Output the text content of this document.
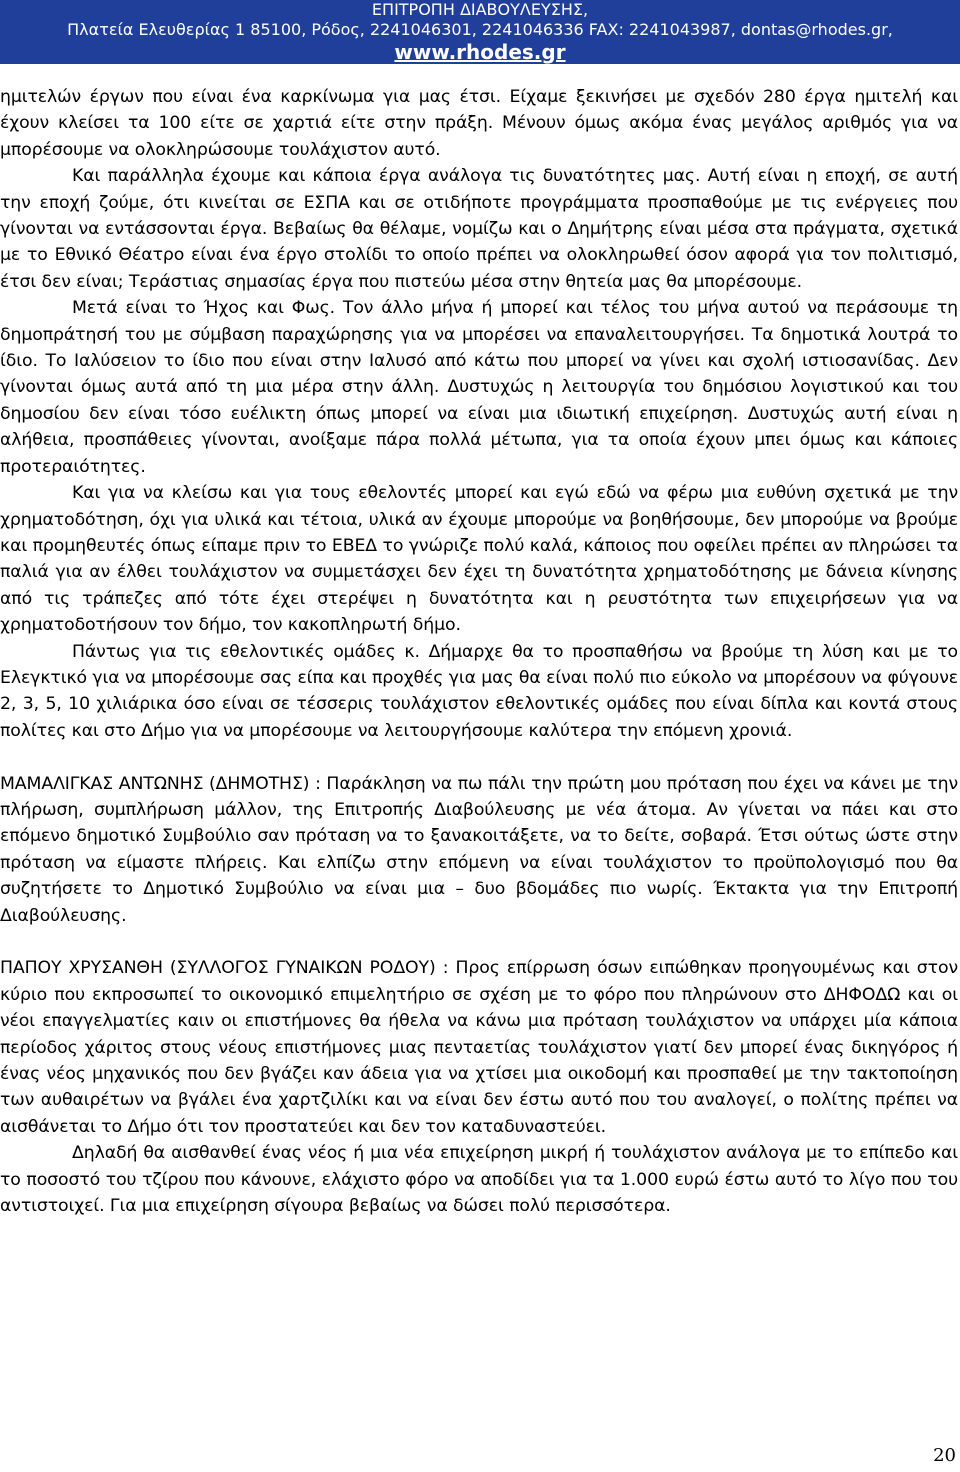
ΕΠΙΤΡΟΠΗ ΔΙΑΒΟΥΛΕΥΣΗΣ,
Πλατεία Ελευθερίας 1 85100, Ρόδος, 2241046301, 2241046336 FAX: 2241043987, dontas@rhodes.gr,
www.rhodes.gr

ημιτελών έργων που είναι ένα καρκίνωμα για μας έτσι. Είχαμε ξεκινήσει με σχεδόν 280 έργα ημιτελή και έχουν κλείσει τα 100 είτε σε χαρτιά είτε στην πράξη. Μένουν όμως ακόμα ένας μεγάλος αριθμός για να μπορέσουμε να ολοκληρώσουμε τουλάχιστον αυτό.

Και παράλληλα έχουμε και κάποια έργα ανάλογα τις δυνατότητες μας. Αυτή είναι η εποχή, σε αυτή την εποχή ζούμε, ότι κινείται σε ΕΣΠΑ και σε οτιδήποτε προγράμματα προσπαθούμε με τις ενέργειες που γίνονται να εντάσσονται έργα. Βεβαίως θα θέλαμε, νομίζω και ο Δημήτρης είναι μέσα στα πράγματα, σχετικά με το Εθνικό Θέατρο είναι ένα έργο στολίδι το οποίο πρέπει να ολοκληρωθεί όσον αφορά για τον πολιτισμό, έτσι δεν είναι; Τεράστιας σημασίας έργα που πιστεύω μέσα στην θητεία μας θα μπορέσουμε.

Μετά είναι το Ήχος και Φως. Τον άλλο μήνα ή μπορεί και τέλος του μήνα αυτού να περάσουμε τη δημοπράτησή του με σύμβαση παραχώρησης για να μπορέσει να επαναλειτουργήσει. Τα δημοτικά λουτρά το ίδιο. Το Ιαλύσειον το ίδιο που είναι στην Ιαλυσό από κάτω που μπορεί να γίνει και σχολή ιστιοσανίδας. Δεν γίνονται όμως αυτά από τη μια μέρα στην άλλη. Δυστυχώς η λειτουργία του δημόσιου λογιστικού και του δημοσίου δεν είναι τόσο ευέλικτη όπως μπορεί να είναι μια ιδιωτική επιχείρηση. Δυστυχώς αυτή είναι η αλήθεια, προσπάθειες γίνονται, ανοίξαμε πάρα πολλά μέτωπα, για τα οποία έχουν μπει όμως και κάποιες προτεραιότητες.

Και για να κλείσω και για τους εθελοντές μπορεί και εγώ εδώ να φέρω μια ευθύνη σχετικά με την χρηματοδότηση, όχι για υλικά και τέτοια, υλικά αν έχουμε μπορούμε να βοηθήσουμε, δεν μπορούμε να βρούμε και προμηθευτές όπως είπαμε πριν το ΕΒΕΔ το γνώριζε πολύ καλά, κάποιος που οφείλει πρέπει αν πληρώσει τα παλιά για αν έλθει τουλάχιστον να συμμετάσχει δεν έχει τη δυνατότητα χρηματοδότησης με δάνεια κίνησης από τις τράπεζες από τότε έχει στερέψει η δυνατότητα και η ρευστότητα των επιχειρήσεων για να χρηματοδοτήσουν τον δήμο, τον κακοπληρωτή δήμο.

Πάντως για τις εθελοντικές ομάδες κ. Δήμαρχε θα το προσπαθήσω να βρούμε τη λύση και με το Ελεγκτικό για να μπορέσουμε σας είπα και προχθές για μας θα είναι πολύ πιο εύκολο να μπορέσουν να φύγουνε 2, 3, 5, 10 χιλιάρικα όσο είναι σε τέσσερις τουλάχιστον εθελοντικές ομάδες που είναι δίπλα και κοντά στους πολίτες και στο Δήμο για να μπορέσουμε να λειτουργήσουμε καλύτερα την επόμενη χρονιά.

ΜΑΜΑΛΙΓΚΑΣ ΑΝΤΩΝΗΣ (ΔΗΜΟΤΗΣ) : Παράκληση να πω πάλι την πρώτη μου πρόταση που έχει να κάνει με την πλήρωση, συμπλήρωση μάλλον, της Επιτροπής Διαβούλευσης με νέα άτομα. Αν γίνεται να πάει και στο επόμενο δημοτικό Συμβούλιο σαν πρόταση να το ξανακοιτάξετε, να το δείτε, σοβαρά. Έτσι ούτως ώστε στην πρόταση να είμαστε πλήρεις. Και ελπίζω στην επόμενη να είναι τουλάχιστον το προϋπολογισμό που θα συζητήσετε το Δημοτικό Συμβούλιο να είναι μια – δυο βδομάδες πιο νωρίς. Έκτακτα για την Επιτροπή Διαβούλευσης.

ΠΑΠΟΥ ΧΡΥΣΑΝΘΗ (ΣΥΛΛΟΓΟΣ ΓΥΝΑΙΚΩΝ ΡΟΔΟΥ) : Προς επίρρωση όσων ειπώθηκαν προηγουμένως και στον κύριο που εκπροσωπεί το οικονομικό επιμελητήριο σε σχέση με το φόρο που πληρώνουν στο ΔΗΦΟΔΩ και οι νέοι επαγγελματίες καιν οι επιστήμονες θα ήθελα να κάνω μια πρόταση τουλάχιστον να υπάρχει μία κάποια περίοδος χάριτος στους νέους επιστήμονες μιας πενταετίας τουλάχιστον γιατί δεν μπορεί ένας δικηγόρος ή ένας νέος μηχανικός που δεν βγάζει καν άδεια για να χτίσει μια οικοδομή και προσπαθεί με την τακτοποίηση των αυθαιρέτων να βγάλει ένα χαρτζιλίκι και να είναι δεν έστω αυτό που του αναλογεί, ο πολίτης πρέπει να αισθάνεται το Δήμο ότι τον προστατεύει και δεν τον καταδυναστεύει.

Δηλαδή θα αισθανθεί ένας νέος ή μια νέα επιχείρηση μικρή ή τουλάχιστον ανάλογα με το επίπεδο και το ποσοστό του τζίρου που κάνουνε, ελάχιστο φόρο να αποδίδει για τα 1.000 ευρώ έστω αυτό το λίγο που του αντιστοιχεί. Για μια επιχείρηση σίγουρα βεβαίως να δώσει πολύ περισσότερα.

20
